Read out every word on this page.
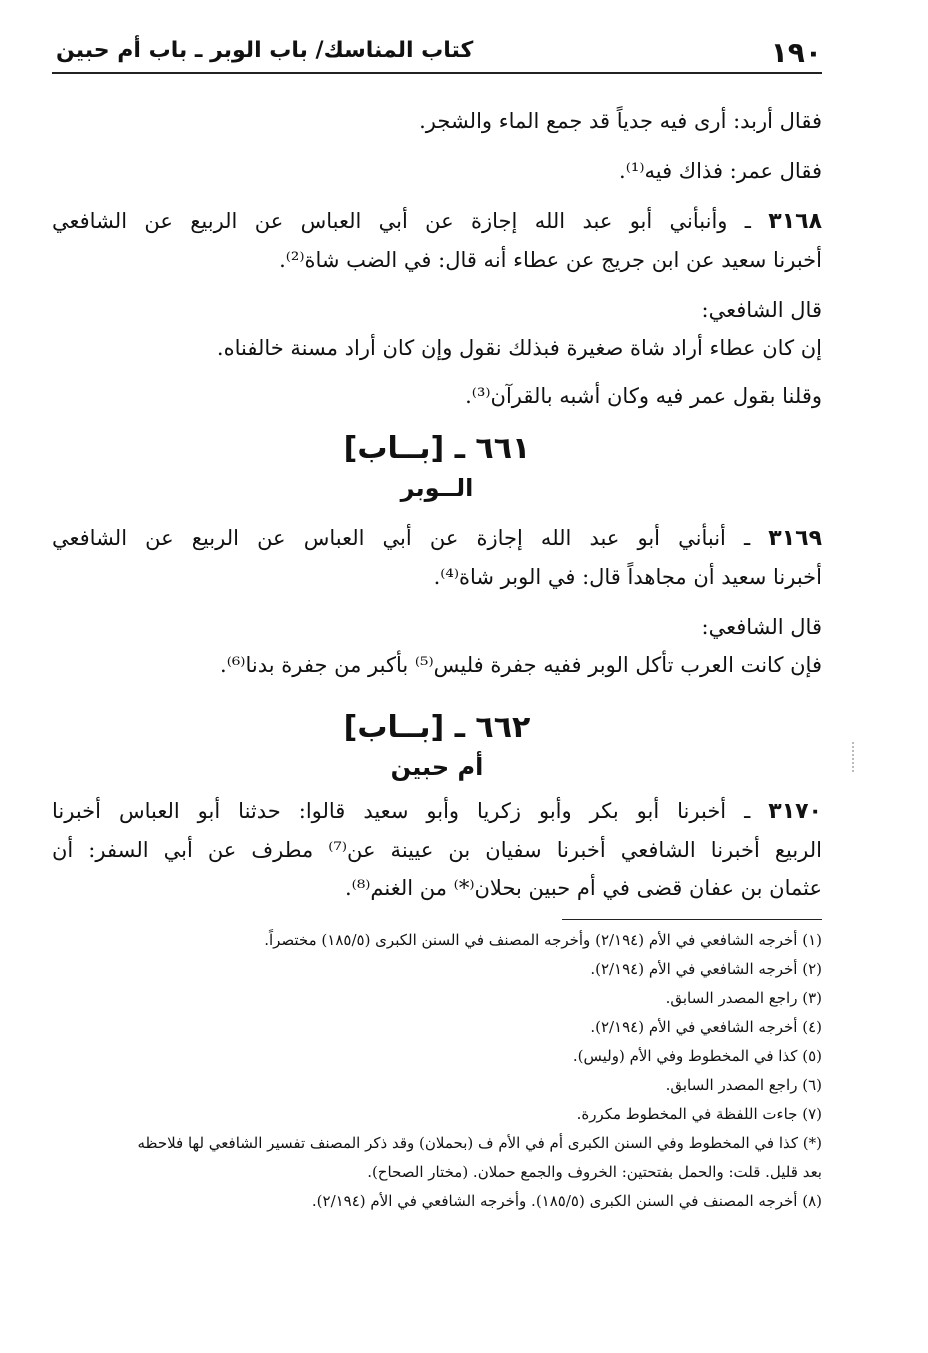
١٩٠
كتاب المناسك/ باب الوبر ـ باب أم حبين
فقال أربد: أرى فيه جدياً قد جمع الماء والشجر.
فقال عمر: فذاك فيه⁽¹⁾.
٣١٦٨ ـ وأنبأني أبو عبد الله إجازة عن أبي العباس عن الربيع عن الشافعي
أخبرنا سعيد عن ابن جريج عن عطاء أنه قال: في الضب شاة⁽²⁾.
قال الشافعي:
إن كان عطاء أراد شاة صغيرة فبذلك نقول وإن كان أراد مسنة خالفناه.
وقلنا بقول عمر فيه وكان أشبه بالقرآن⁽³⁾.
٦٦١ ـ [بــاب]
الــوبر
٣١٦٩ ـ أنبأني أبو عبد الله إجازة عن أبي العباس عن الربيع عن الشافعي
أخبرنا سعيد أن مجاهداً قال: في الوبر شاة⁽⁴⁾.
قال الشافعي:
فإن كانت العرب تأكل الوبر ففيه جفرة فليس⁽⁵⁾ بأكبر من جفرة بدنا⁽⁶⁾.
٦٦٢ ـ [بــاب]
أم حبين
٣١٧٠ ـ أخبرنا أبو بكر وأبو زكريا وأبو سعيد قالوا: حدثنا أبو العباس أخبرنا
الربيع أخبرنا الشافعي أخبرنا سفيان بن عيينة عن⁽⁷⁾ مطرف عن أبي السفر: أن
عثمان بن عفان قضى في أم حبين بحلان⁽*⁾ من الغنم⁽⁸⁾.
(١) أخرجه الشافعي في الأم (٢/١٩٤) وأخرجه المصنف في السنن الكبرى (١٨٥/٥) مختصراً.
(٢) أخرجه الشافعي في الأم (٢/١٩٤).
(٣) راجع المصدر السابق.
(٤) أخرجه الشافعي في الأم (٢/١٩٤).
(٥) كذا في المخطوط وفي الأم (وليس).
(٦) راجع المصدر السابق.
(٧) جاءت اللفظة في المخطوط مكررة.
(*) كذا في المخطوط وفي السنن الكبرى أم في الأم ف (بحملان) وقد ذكر المصنف تفسير الشافعي لها فلاحظه
بعد قليل. قلت: والحمل بفتحتين: الخروف والجمع حملان. (مختار الصحاح).
(٨) أخرجه المصنف في السنن الكبرى (١٨٥/٥). وأخرجه الشافعي في الأم (٢/١٩٤).
